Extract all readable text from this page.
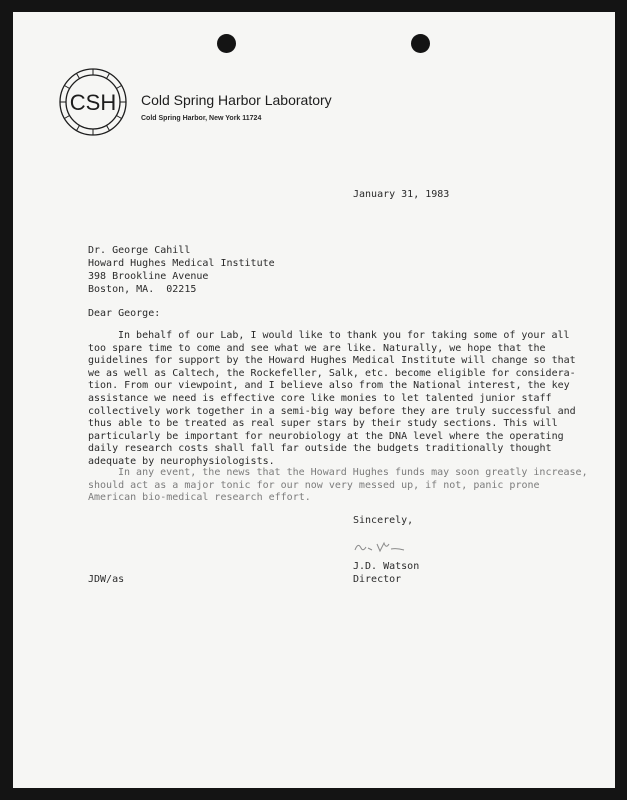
CSH Cold Spring Harbor Laboratory
Cold Spring Harbor, New York 11724
January 31, 1983
Dr. George Cahill
Howard Hughes Medical Institute
398 Brookline Avenue
Boston, MA.  02215
Dear George:
In behalf of our Lab, I would like to thank you for taking some of your all
too spare time to come and see what we are like. Naturally, we hope that the
guidelines for support by the Howard Hughes Medical Institute will change so that
we as well as Caltech, the Rockefeller, Salk, etc. become eligible for considera-
tion. From our viewpoint, and I believe also from the National interest, the key
assistance we need is effective core like monies to let talented junior staff
collectively work together in a semi-big way before they are truly successful and
thus able to be treated as real super stars by their study sections. This will
particularly be important for neurobiology at the DNA level where the operating
daily research costs shall fall far outside the budgets traditionally thought
adequate by neurophysiologists.
In any event, the news that the Howard Hughes funds may soon greatly increase,
should act as a major tonic for our now very messed up, if not, panic prone
American bio-medical research effort.
Sincerely,
J.D. Watson
Director
JDW/as
